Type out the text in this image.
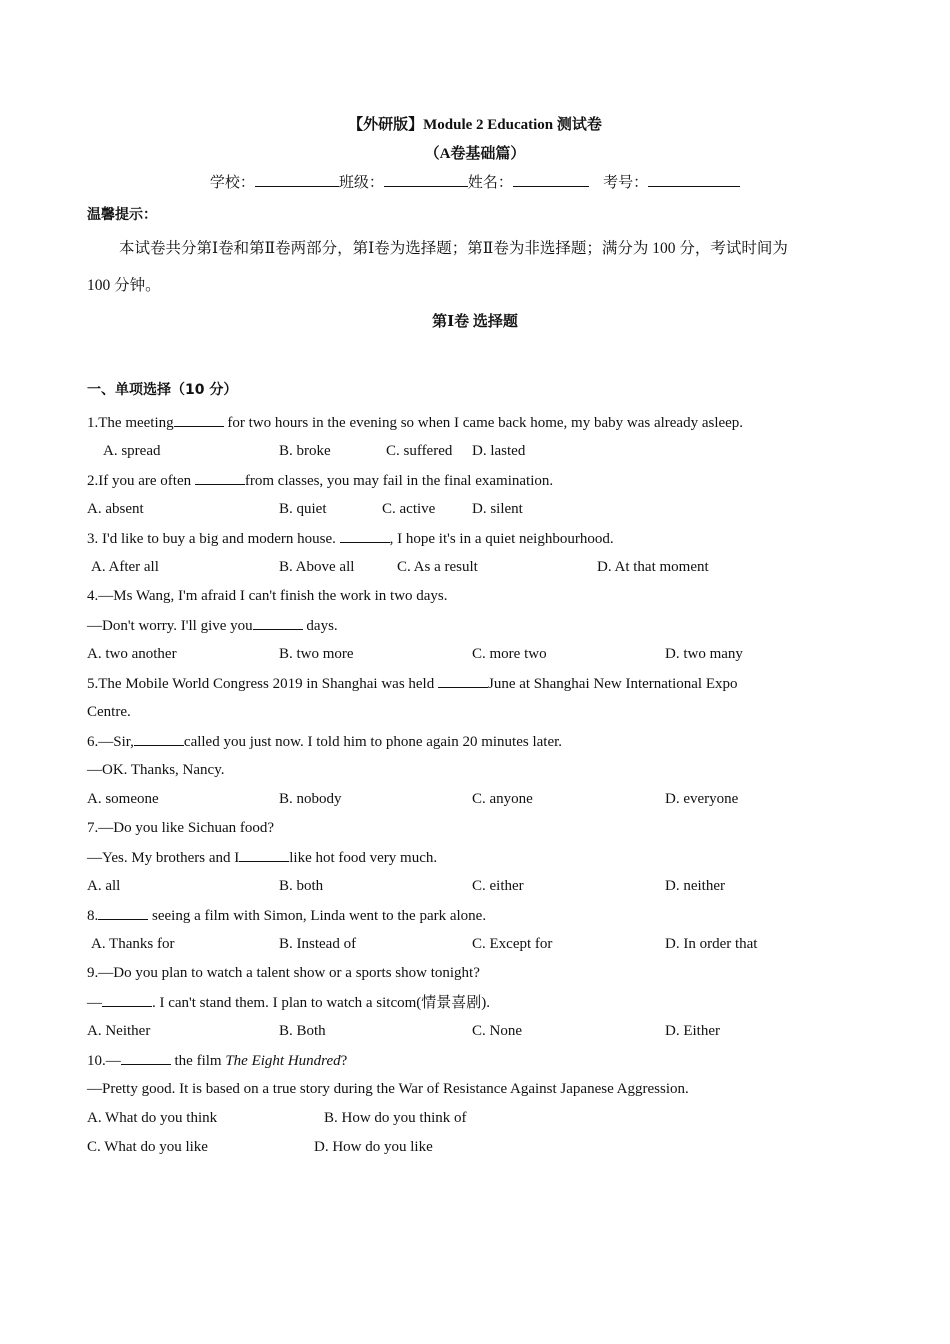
【外研版】Module 2 Education 测试卷
（A卷基础篇）
学校：	班级：	姓名：	考号：
温馨提示：
本试卷共分第Ⅰ卷和第Ⅱ卷两部分，第Ⅰ卷为选择题；第Ⅱ卷为非选择题；满分为 100 分，考试时间为
100 分钟。
第Ⅰ卷 选择题
一、单项选择（10 分）
1.The meeting	for two hours in the evening so when I came back home, my baby was already asleep.
A. spread	B. broke	C. suffered D. lasted
2.If you are often	from classes, you may fail in the final examination.
A. absent	B. quiet	C. active D. silent
3. I'd like to buy a big and modern house.	, I hope it's in a quiet neighbourhood.
A. After all	B. Above all	C. As a result	D. At that moment
4.—Ms Wang, I'm afraid I can't finish the work in two days.
—Don't worry. I'll give you	days.
A. two another	B. two more	C. more two	D. two many
5.The Mobile World Congress 2019 in Shanghai was held	June at Shanghai New International Expo
Centre.
6.—Sir,	called you just now. I told him to phone again 20 minutes later.
—OK. Thanks, Nancy.
A. someone	B. nobody	C. anyone	D. everyone
7.—Do you like Sichuan food?
—Yes. My brothers and I	like hot food very much.
A. all	B. both	C. either	D. neither
8.	seeing a film with Simon, Linda went to the park alone.
A. Thanks for	B. Instead of	C. Except for	D. In order that
9.—Do you plan to watch a talent show or a sports show tonight?
—	. I can't stand them. I plan to watch a sitcom(情景喜剧).
A. Neither	B. Both	C. None	D. Either
10.—	the film The Eight Hundred?
—Pretty good. It is based on a true story during the War of Resistance Against Japanese Aggression.
A. What do you think	B. How do you think of
C. What do you like	D. How do you like
